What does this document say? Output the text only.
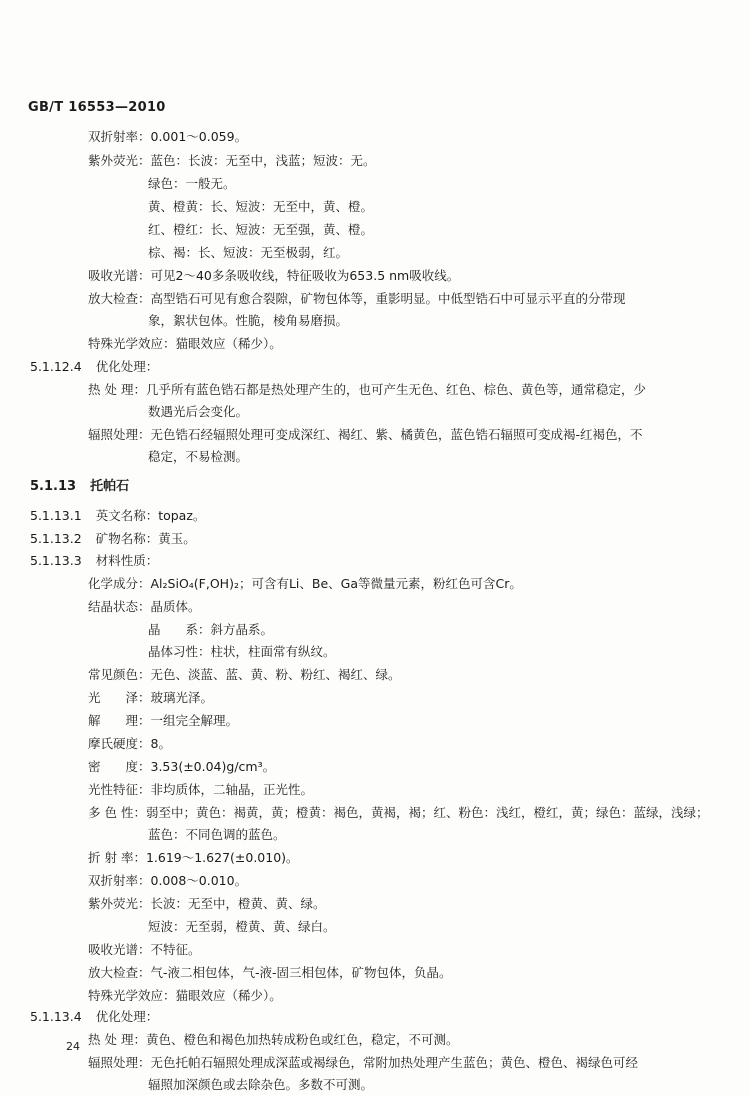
GB/T 16553—2010
双折射率：0.001～0.059。
紫外荧光：蓝色：长波：无至中，浅蓝；短波：无。
绿色：一般无。
黄、橙黄：长、短波：无至中，黄、橙。
红、橙红：长、短波：无至强，黄、橙。
棕、褐：长、短波：无至极弱，红。
吸收光谱：可见2～40多条吸收线，特征吸收为653.5 nm吸收线。
放大检查：高型锆石可见有愈合裂隙，矿物包体等，重影明显。中低型锆石中可显示平直的分带现
象，絮状包体。性脆，棱角易磨损。
特殊光学效应：猫眼效应（稀少）。
5.1.12.4 优化处理：
热 处 理：几乎所有蓝色锆石都是热处理产生的，也可产生无色、红色、棕色、黄色等，通常稳定，少
数遇光后会变化。
辐照处理：无色锆石经辐照处理可变成深红、褐红、紫、橘黄色，蓝色锆石辐照可变成褐-红褐色，不
稳定，不易检测。
5.1.13 托帕石
5.1.13.1 英文名称：topaz。
5.1.13.2 矿物名称：黄玉。
5.1.13.3 材料性质：
化学成分：Al₂SiO₄(F,OH)₂；可含有Li、Be、Ga等微量元素，粉红色可含Cr。
结晶状态：晶质体。
晶　　系：斜方晶系。
晶体习性：柱状，柱面常有纵纹。
常见颜色：无色、淡蓝、蓝、黄、粉、粉红、褐红、绿。
光　　泽：玻璃光泽。
解　　理：一组完全解理。
摩氏硬度：8。
密　　度：3.53(±0.04)g/cm³。
光性特征：非均质体，二轴晶，正光性。
多 色 性：弱至中；黄色：褐黄，黄；橙黄：褐色，黄褐，褐；红、粉色：浅红，橙红，黄；绿色：蓝绿，浅绿；
蓝色：不同色调的蓝色。
折 射 率：1.619～1.627(±0.010)。
双折射率：0.008～0.010。
紫外荧光：长波：无至中，橙黄、黄、绿。
短波：无至弱，橙黄、黄、绿白。
吸收光谱：不特征。
放大检查：气-液二相包体，气-液-固三相包体，矿物包体，负晶。
特殊光学效应：猫眼效应（稀少）。
5.1.13.4 优化处理：
热 处 理：黄色、橙色和褐色加热转成粉色或红色，稳定，不可测。
辐照处理：无色托帕石辐照处理成深蓝或褐绿色，常附加热处理产生蓝色；黄色、橙色、褐绿色可经
辐照加深颜色或去除杂色。多数不可测。
24
